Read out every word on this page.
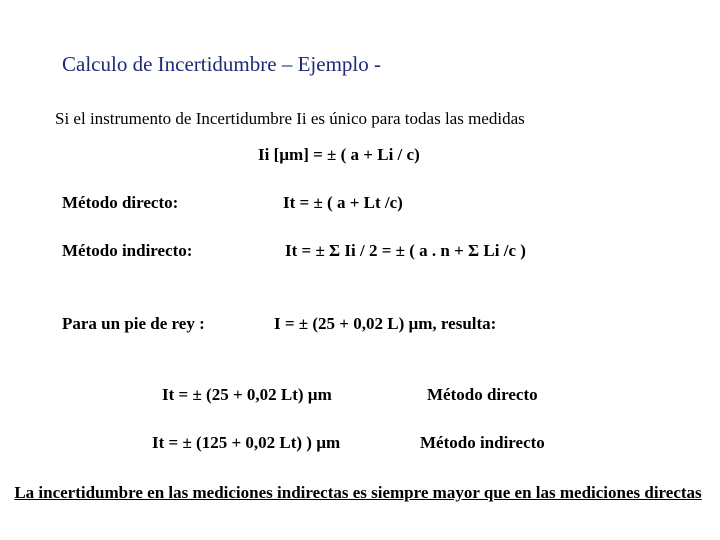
Calculo de Incertidumbre – Ejemplo -
Si el instrumento de Incertidumbre Ii es único para todas las medidas
Ii [µm] = ± ( a + Li / c)
Método directo:	It = ± ( a + Lt /c)
Método indirecto:	It = ± Σ Ii / 2 = ± ( a . n + Σ Li /c )
Para un pie de rey :	I = ± (25 + 0,02 L) µm, resulta:
It = ± (25 + 0,02 Lt) µm	Método directo
It = ± (125 + 0,02 Lt) ) µm	Método indirecto
La incertidumbre en las mediciones indirectas es siempre mayor que en las mediciones directas
